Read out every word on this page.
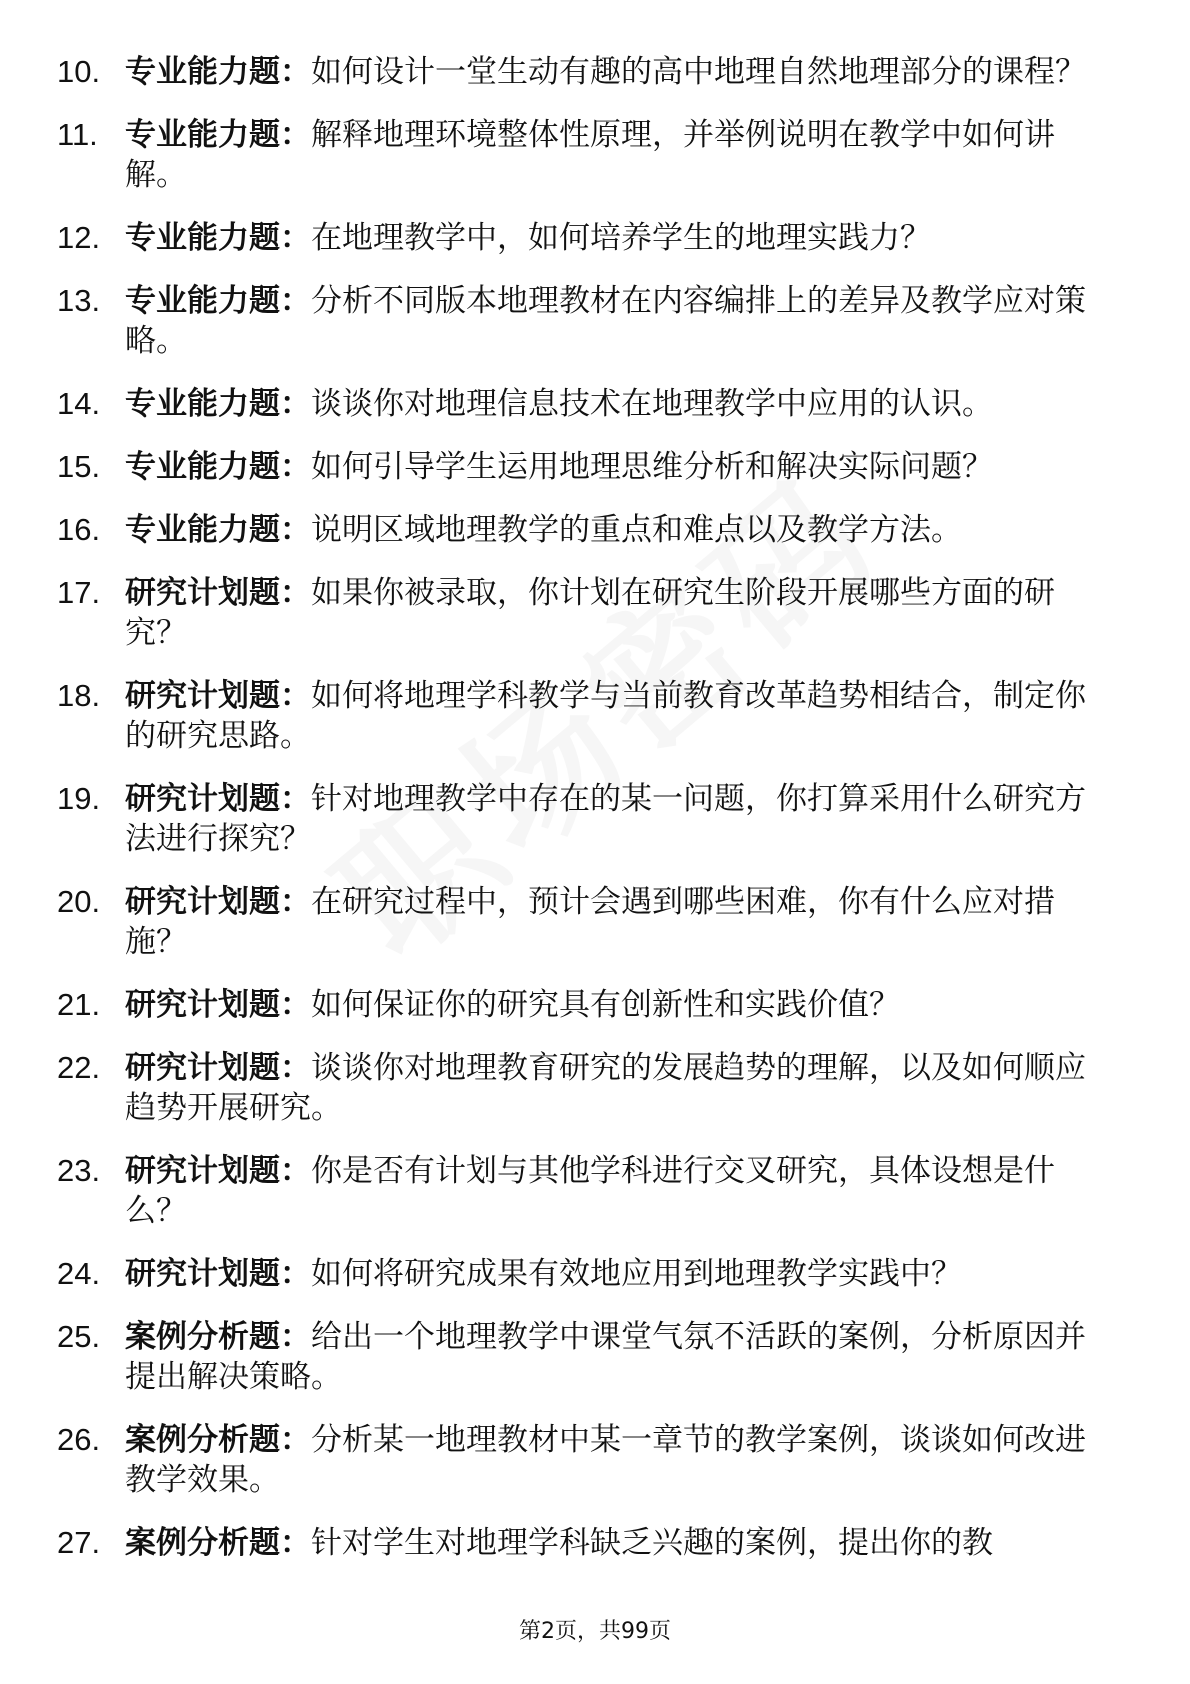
10. 专业能力题：如何设计一堂生动有趣的高中地理自然地理部分的课程？
11. 专业能力题：解释地理环境整体性原理，并举例说明在教学中如何讲解。
12. 专业能力题：在地理教学中，如何培养学生的地理实践力？
13. 专业能力题：分析不同版本地理教材在内容编排上的差异及教学应对策略。
14. 专业能力题：谈谈你对地理信息技术在地理教学中应用的认识。
15. 专业能力题：如何引导学生运用地理思维分析和解决实际问题？
16. 专业能力题：说明区域地理教学的重点和难点以及教学方法。
17. 研究计划题：如果你被录取，你计划在研究生阶段开展哪些方面的研究？
18. 研究计划题：如何将地理学科教学与当前教育改革趋势相结合，制定你的研究思路。
19. 研究计划题：针对地理教学中存在的某一问题，你打算采用什么研究方法进行探究？
20. 研究计划题：在研究过程中，预计会遇到哪些困难，你有什么应对措施？
21. 研究计划题：如何保证你的研究具有创新性和实践价值？
22. 研究计划题：谈谈你对地理教育研究的发展趋势的理解，以及如何顺应趋势开展研究。
23. 研究计划题：你是否有计划与其他学科进行交叉研究，具体设想是什么？
24. 研究计划题：如何将研究成果有效地应用到地理教学实践中？
25. 案例分析题：给出一个地理教学中课堂气氛不活跃的案例，分析原因并提出解决策略。
26. 案例分析题：分析某一地理教材中某一章节的教学案例，谈谈如何改进教学效果。
27. 案例分析题：针对学生对地理学科缺乏兴趣的案例，提出你的教
第2页，共99页
